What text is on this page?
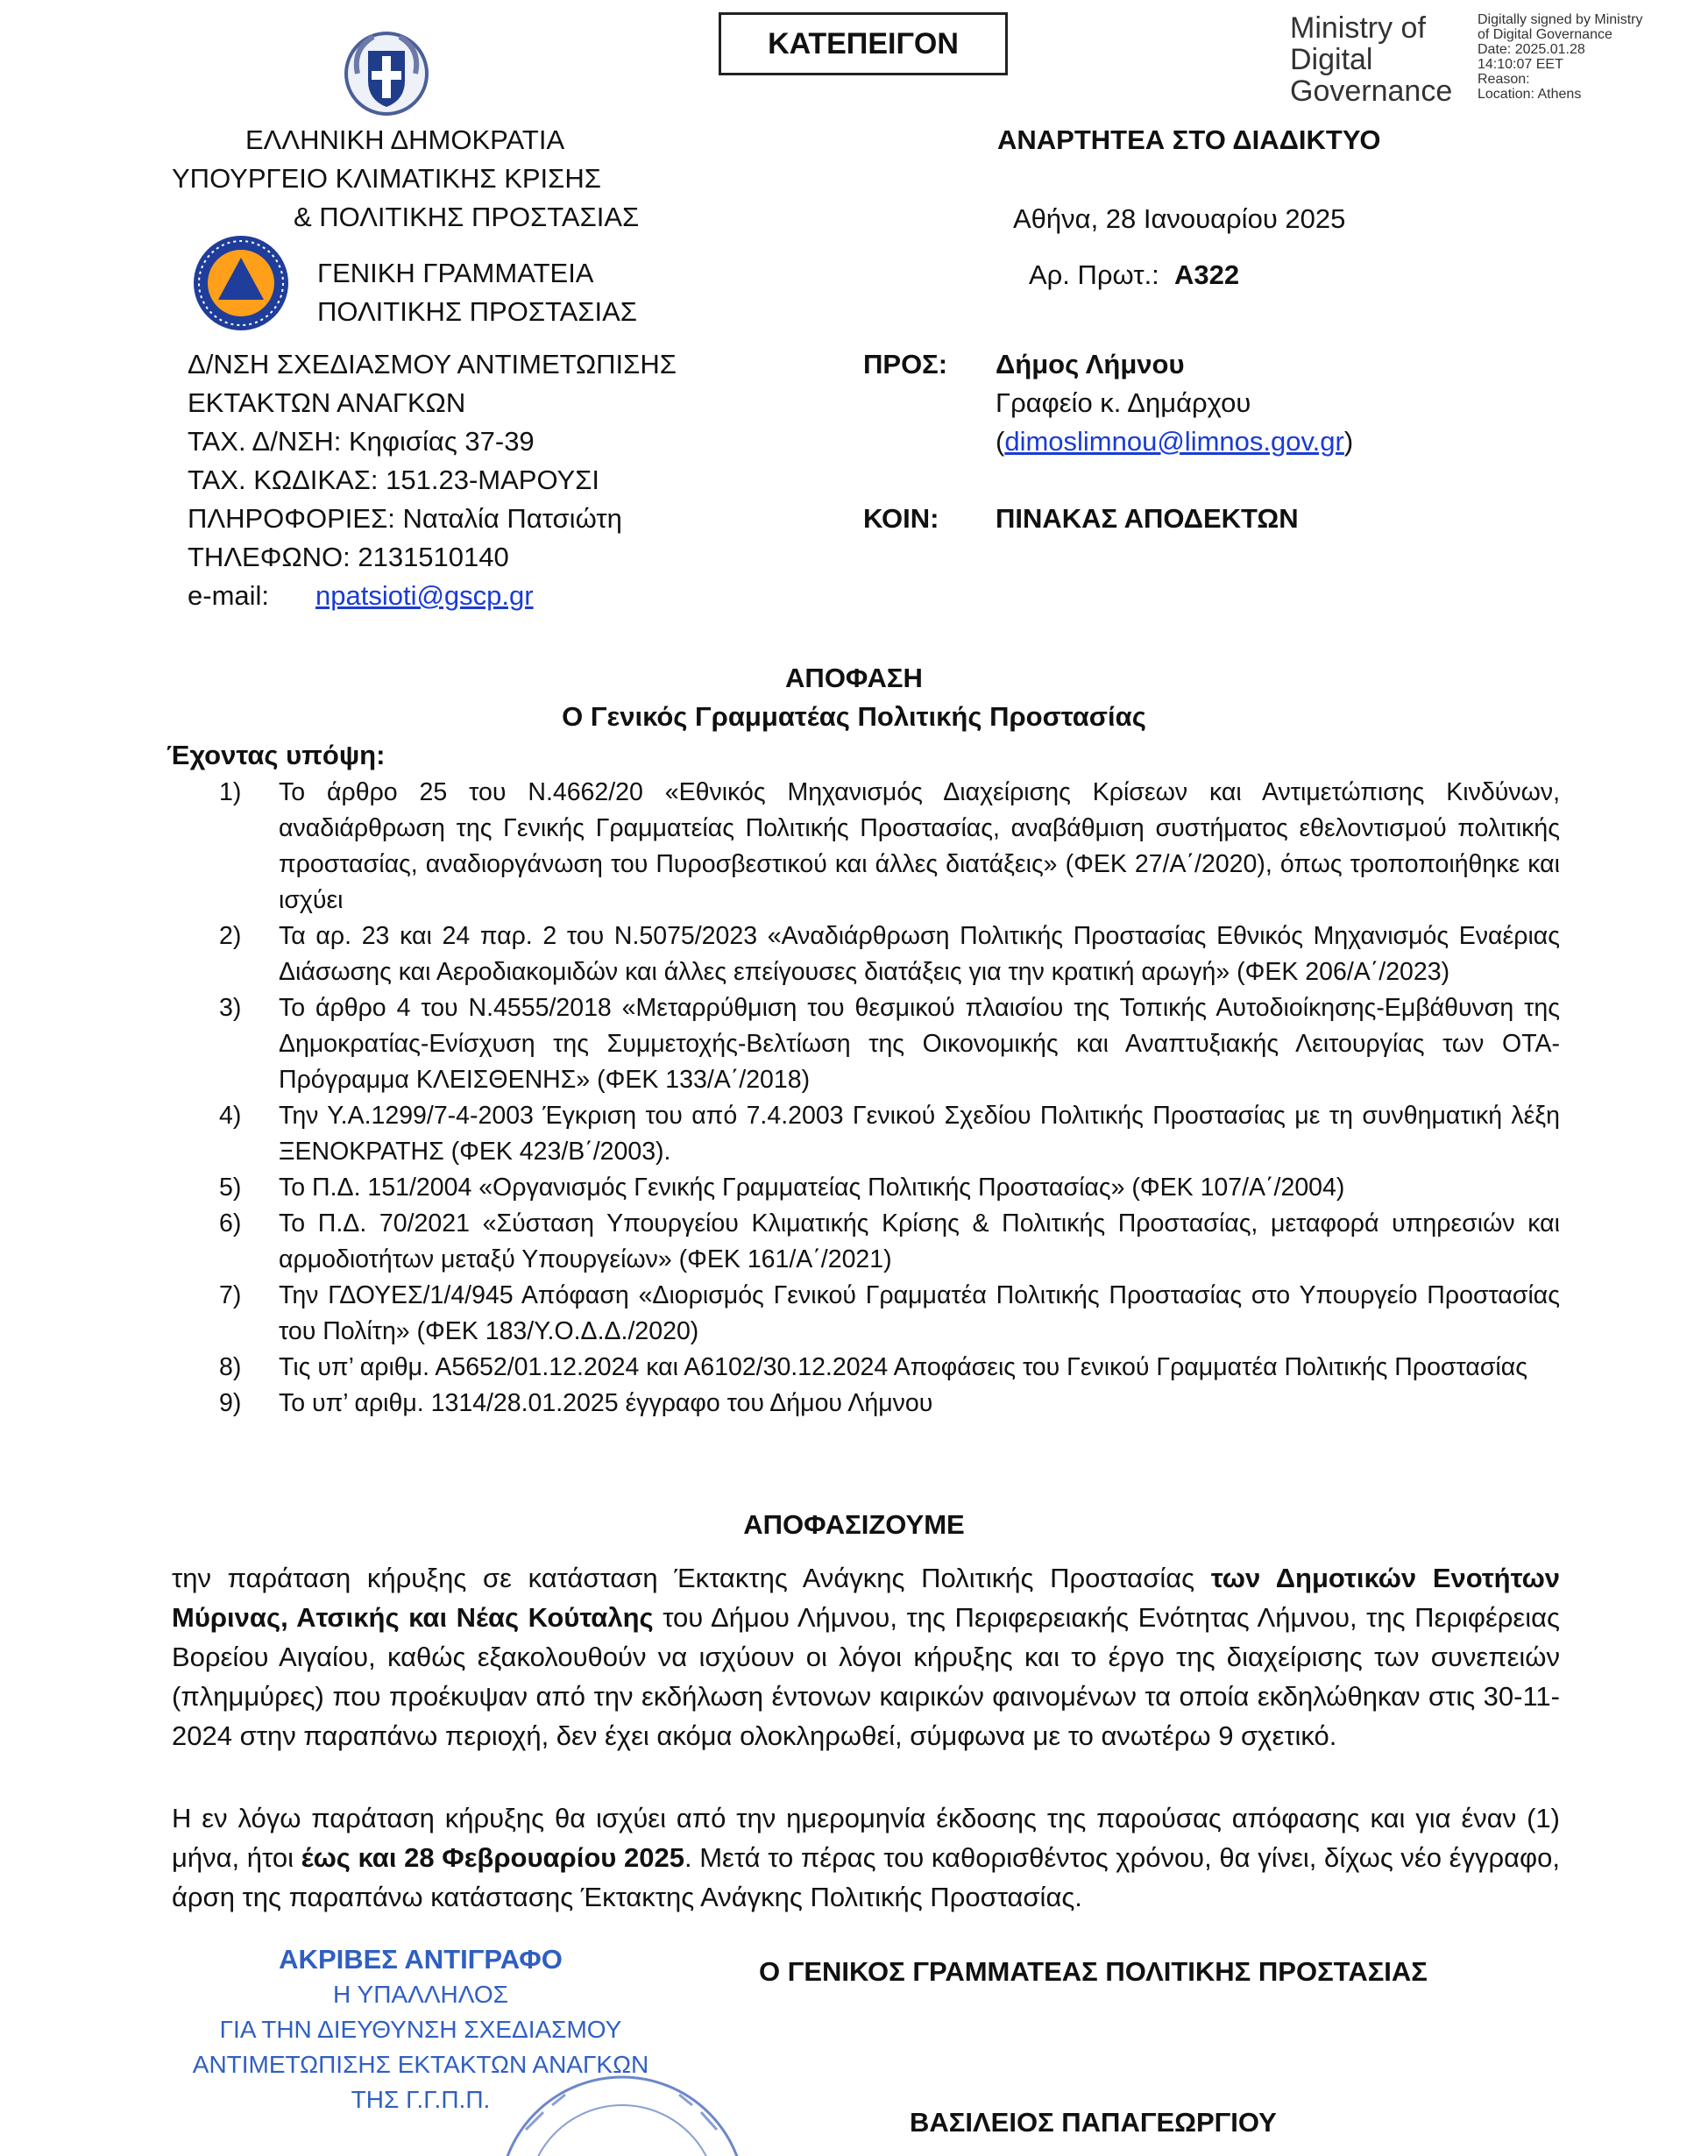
ΚΑΤΕΠΕΙΓΟΝ	Ministry of
Digital
Governance
Digitally signed by Ministry
of Digital Governance
Date: 2025.01.28
14:10:07 EET
Reason:
Location: Athens
ΕΛΛΗΝΙΚΗ ΔΗΜΟΚΡΑΤΙΑ
ΥΠΟΥΡΓΕΙΟ ΚΛΙΜΑΤΙΚΗΣ ΚΡΙΣΗΣ
& ΠΟΛΙΤΙΚΗΣ ΠΡΟΣΤΑΣΙΑΣ
ΓΕΝΙΚΗ ΓΡΑΜΜΑΤΕΙΑ
ΠΟΛΙΤΙΚΗΣ ΠΡΟΣΤΑΣΙΑΣ
ΑΝΑΡΤΗΤΕΑ ΣΤΟ ΔΙΑΔΙΚΤΥΟ
Αθήνα, 28 Ιανουαρίου 2025
Αρ. Πρωτ.: Α322
Δ/ΝΣΗ ΣΧΕΔΙΑΣΜΟΥ ΑΝΤΙΜΕΤΩΠΙΣΗΣ
ΕΚΤΑΚΤΩΝ ΑΝΑΓΚΩΝ
ΤΑΧ. Δ/ΝΣΗ: Κηφισίας 37-39
ΤΑΧ. ΚΩΔΙΚΑΣ: 151.23-ΜΑΡΟΥΣΙ
ΠΛΗΡΟΦΟΡΙΕΣ: Ναταλία Πατσιώτη
ΤΗΛΕΦΩΝΟ: 2131510140
e-mail: npatsioti@gscp.gr
ΠΡΟΣ: Δήμος Λήμνου
Γραφείο κ. Δημάρχου
(dimoslimnou@limnos.gov.gr)
ΚΟΙΝ: ΠΙΝΑΚΑΣ ΑΠΟΔΕΚΤΩΝ
ΑΠΟΦΑΣΗ
Ο Γενικός Γραμματέας Πολιτικής Προστασίας
Έχοντας υπόψη:
1)	Το άρθρο 25 του Ν.4662/20 «Εθνικός Μηχανισμός Διαχείρισης Κρίσεων και Αντιμετώπισης Κινδύνων, αναδιάρθρωση της Γενικής Γραμματείας Πολιτικής Προστασίας, αναβάθμιση συστήματος εθελοντισμού πολιτικής προστασίας, αναδιοργάνωση του Πυροσβεστικού και άλλες διατάξεις» (ΦΕΚ 27/Α΄/2020), όπως τροποποιήθηκε και ισχύει
2)	Τα αρ. 23 και 24 παρ. 2 του Ν.5075/2023 «Αναδιάρθρωση Πολιτικής Προστασίας Εθνικός Μηχανισμός Εναέριας Διάσωσης και Αεροδιακομιδών και άλλες επείγουσες διατάξεις για την κρατική αρωγή» (ΦΕΚ 206/Α΄/2023)
3)	Το άρθρο 4 του Ν.4555/2018 «Μεταρρύθμιση του θεσμικού πλαισίου της Τοπικής Αυτοδιοίκησης-Εμβάθυνση της Δημοκρατίας-Ενίσχυση της Συμμετοχής-Βελτίωση της Οικονομικής και Αναπτυξιακής Λειτουργίας των ΟΤΑ-Πρόγραμμα ΚΛΕΙΣΘΕΝΗΣ» (ΦΕΚ 133/Α΄/2018)
4)	Την Υ.Α.1299/7-4-2003 Έγκριση του από 7.4.2003 Γενικού Σχεδίου Πολιτικής Προστασίας με τη συνθηματική λέξη ΞΕΝΟΚΡΑΤΗΣ (ΦΕΚ 423/Β΄/2003).
5)	Το Π.Δ. 151/2004 «Οργανισμός Γενικής Γραμματείας Πολιτικής Προστασίας» (ΦΕΚ 107/Α΄/2004)
6)	Το Π.Δ. 70/2021 «Σύσταση Υπουργείου Κλιματικής Κρίσης & Πολιτικής Προστασίας, μεταφορά υπηρεσιών και αρμοδιοτήτων μεταξύ Υπουργείων» (ΦΕΚ 161/Α΄/2021)
7)	Την ΓΔΟΥΕΣ/1/4/945 Απόφαση «Διορισμός Γενικού Γραμματέα Πολιτικής Προστασίας στο Υπουργείο Προστασίας του Πολίτη» (ΦΕΚ 183/Υ.Ο.Δ.Δ./2020)
8)	Τις υπ’ αριθμ. Α5652/01.12.2024 και Α6102/30.12.2024 Αποφάσεις του Γενικού Γραμματέα Πολιτικής Προστασίας
9)	Το υπ’ αριθμ. 1314/28.01.2025 έγγραφο του Δήμου Λήμνου
ΑΠΟΦΑΣΙΖΟΥΜΕ
την παράταση κήρυξης σε κατάσταση Έκτακτης Ανάγκης Πολιτικής Προστασίας των Δημοτικών Ενοτήτων Μύρινας, Ατσικής και Νέας Κούταλης του Δήμου Λήμνου, της Περιφερειακής Ενότητας Λήμνου, της Περιφέρειας Βορείου Αιγαίου, καθώς εξακολουθούν να ισχύουν οι λόγοι κήρυξης και το έργο της διαχείρισης των συνεπειών (πλημμύρες) που προέκυψαν από την εκδήλωση έντονων καιρικών φαινομένων τα οποία εκδηλώθηκαν στις 30-11-2024 στην παραπάνω περιοχή, δεν έχει ακόμα ολοκληρωθεί, σύμφωνα με το ανωτέρω 9 σχετικό.
Η εν λόγω παράταση κήρυξης θα ισχύει από την ημερομηνία έκδοσης της παρούσας απόφασης και για έναν (1) μήνα, ήτοι έως και 28 Φεβρουαρίου 2025. Μετά το πέρας του καθορισθέντος χρόνου, θα γίνει, δίχως νέο έγγραφο, άρση της παραπάνω κατάστασης Έκτακτης Ανάγκης Πολιτικής Προστασίας.
ΑΚΡΙΒΕΣ ΑΝΤΙΓΡΑΦΟ
Η ΥΠΑΛΛΗΛΟΣ
ΓΙΑ ΤΗΝ ΔΙΕΥΘΥΝΣΗ ΣΧΕΔΙΑΣΜΟΥ
ΑΝΤΙΜΕΤΩΠΙΣΗΣ ΕΚΤΑΚΤΩΝ ΑΝΑΓΚΩΝ
ΤΗΣ Γ.Γ.Π.Π.
Ο ΓΕΝΙΚΟΣ ΓΡΑΜΜΑΤΕΑΣ ΠΟΛΙΤΙΚΗΣ ΠΡΟΣΤΑΣΙΑΣ
ΒΑΣΙΛΕΙΟΣ ΠΑΠΑΓΕΩΡΓΙΟΥ
